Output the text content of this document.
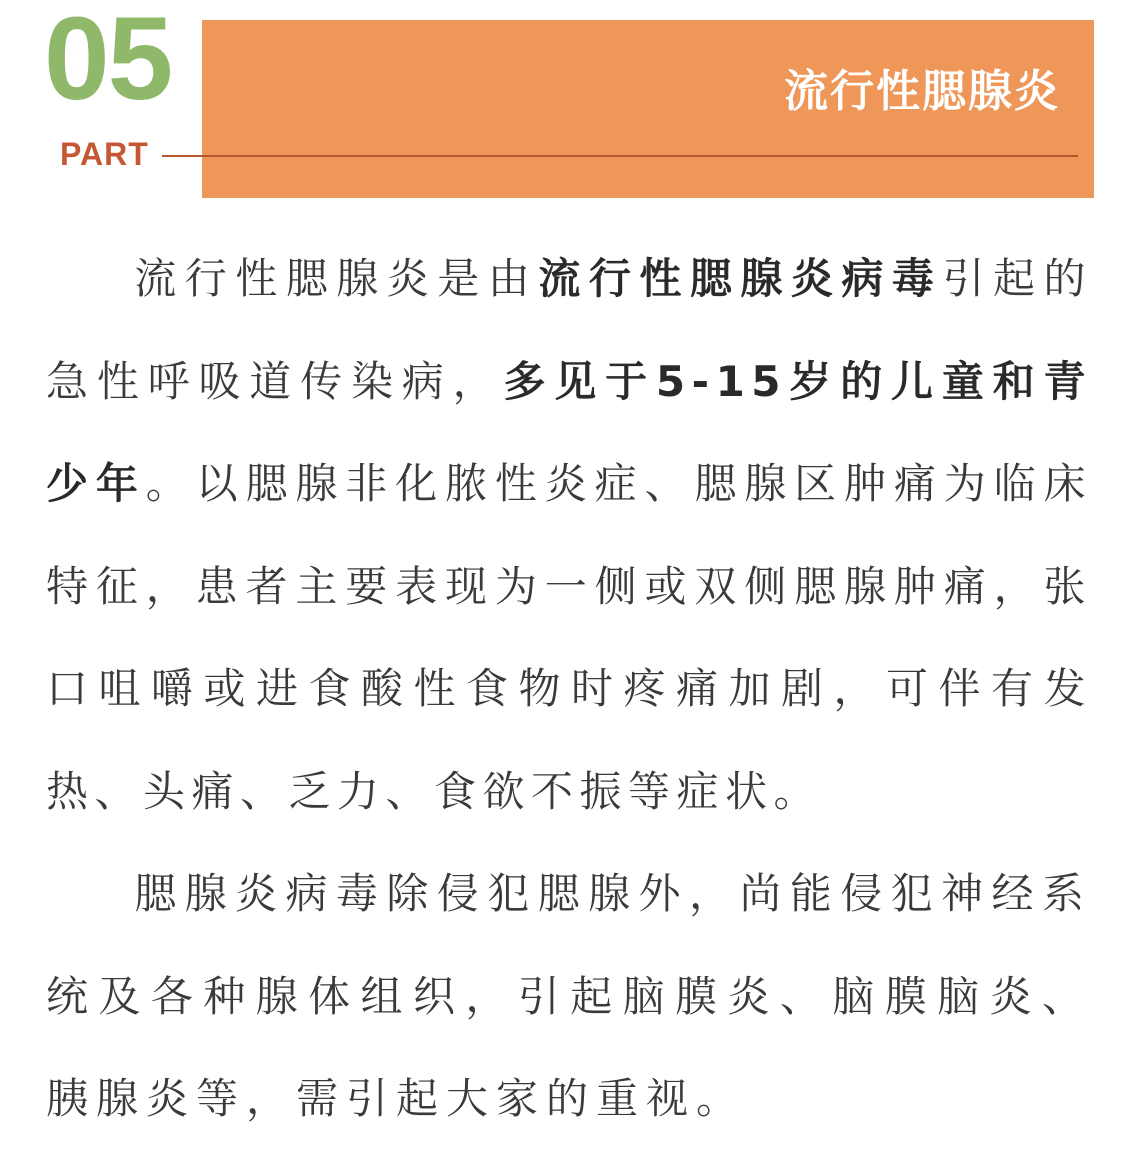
流行性腮腺炎
05
PART

流行性腮腺炎是由流行性腮腺炎病毒引起的急性呼吸道传染病，多见于5-15岁的儿童和青少年。以腮腺非化脓性炎症、腮腺区肿痛为临床特征，患者主要表现为一侧或双侧腮腺肿痛，张口咀嚼或进食酸性食物时疼痛加剧，可伴有发热、头痛、乏力、食欲不振等症状。

腮腺炎病毒除侵犯腮腺外，尚能侵犯神经系统及各种腺体组织，引起脑膜炎、脑膜脑炎、胰腺炎等，需引起大家的重视。
